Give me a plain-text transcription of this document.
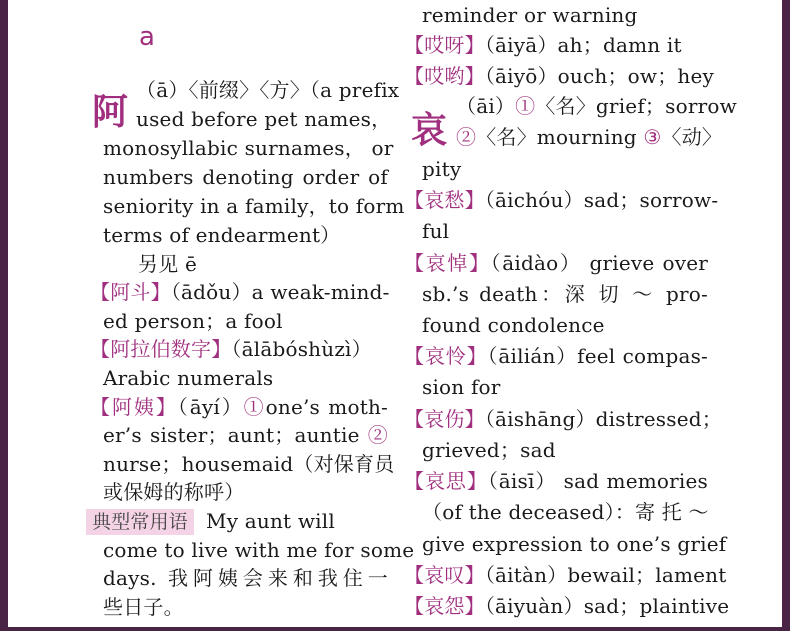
a
阿
（ā）〈前缀〉〈方〉（a prefix
used before pet names，
monosyllabic surnames， or
numbers denoting order of
seniority in a family，to form
terms of endearment）
另见 ē
【阿斗】（ādǒu）a weak-mind-
ed person；a fool
【阿拉伯数字】（ālābóshùzì）
Arabic numerals
【阿姨】（āyí）①one’s moth-
er’s sister；aunt；auntie ②
nurse；housemaid（对保育员
或保姆的称呼）
典型常用语 My aunt will
come to live with me for some
days. 我阿姨会来和我住一
些日子。
哀
reminder or warning
【哎呀】（āiyā）ah；damn it
【哎哟】（āiyō）ouch；ow；hey
（āi）①〈名〉grief；sorrow
②〈名〉mourning ③〈动〉
pity
【哀愁】（āichóu）sad；sorrow-
ful
【哀悼】（āidào） grieve over
sb.’s death：深 切 ～ pro-
found condolence
【哀怜】（āilián）feel compas-
sion for
【哀伤】（āishāng）distressed；
grieved；sad
【哀思】（āisī） sad memories
（of the deceased）：寄 托 ～
give expression to one’s grief
【哀叹】（āitàn）bewail；lament
【哀怨】（āiyuàn）sad；plaintive
